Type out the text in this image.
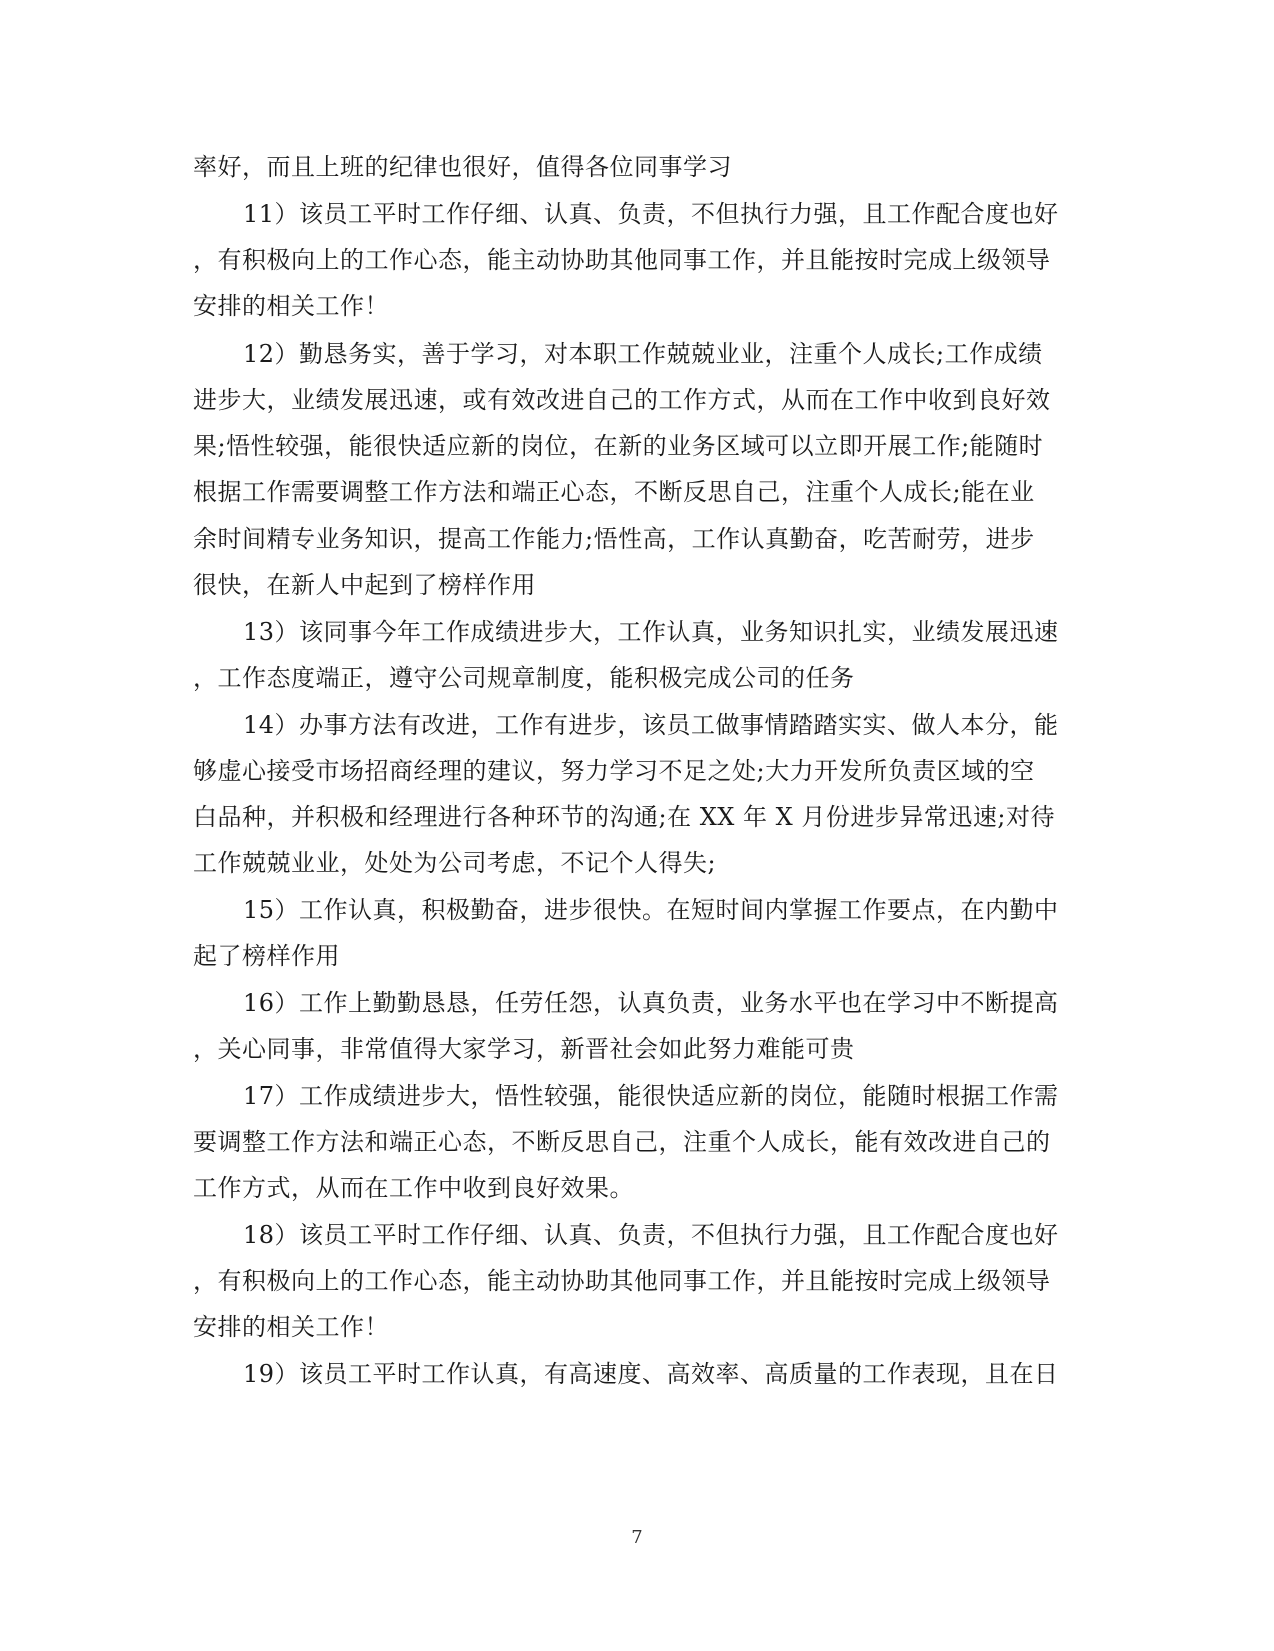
率好，而且上班的纪律也很好，值得各位同事学习
11）该员工平时工作仔细、认真、负责，不但执行力强，且工作配合度也好
，有积极向上的工作心态，能主动协助其他同事工作，并且能按时完成上级领导
安排的相关工作！
12）勤恳务实，善于学习，对本职工作兢兢业业，注重个人成长;工作成绩
进步大，业绩发展迅速，或有效改进自己的工作方式，从而在工作中收到良好效
果;悟性较强，能很快适应新的岗位，在新的业务区域可以立即开展工作;能随时
根据工作需要调整工作方法和端正心态，不断反思自己，注重个人成长;能在业
余时间精专业务知识，提高工作能力;悟性高，工作认真勤奋，吃苦耐劳，进步
很快，在新人中起到了榜样作用
13）该同事今年工作成绩进步大，工作认真，业务知识扎实，业绩发展迅速
，工作态度端正，遵守公司规章制度，能积极完成公司的任务
14）办事方法有改进，工作有进步，该员工做事情踏踏实实、做人本分，能
够虚心接受市场招商经理的建议，努力学习不足之处;大力开发所负责区域的空
白品种，并积极和经理进行各种环节的沟通;在 XX 年 X 月份进步异常迅速;对待
工作兢兢业业，处处为公司考虑，不记个人得失;
15）工作认真，积极勤奋，进步很快。在短时间内掌握工作要点，在内勤中
起了榜样作用
16）工作上勤勤恳恳，任劳任怨，认真负责，业务水平也在学习中不断提高
，关心同事，非常值得大家学习，新晋社会如此努力难能可贵
17）工作成绩进步大，悟性较强，能很快适应新的岗位，能随时根据工作需
要调整工作方法和端正心态，不断反思自己，注重个人成长，能有效改进自己的
工作方式，从而在工作中收到良好效果。
18）该员工平时工作仔细、认真、负责，不但执行力强，且工作配合度也好
，有积极向上的工作心态，能主动协助其他同事工作，并且能按时完成上级领导
安排的相关工作！
19）该员工平时工作认真，有高速度、高效率、高质量的工作表现，且在日
7
